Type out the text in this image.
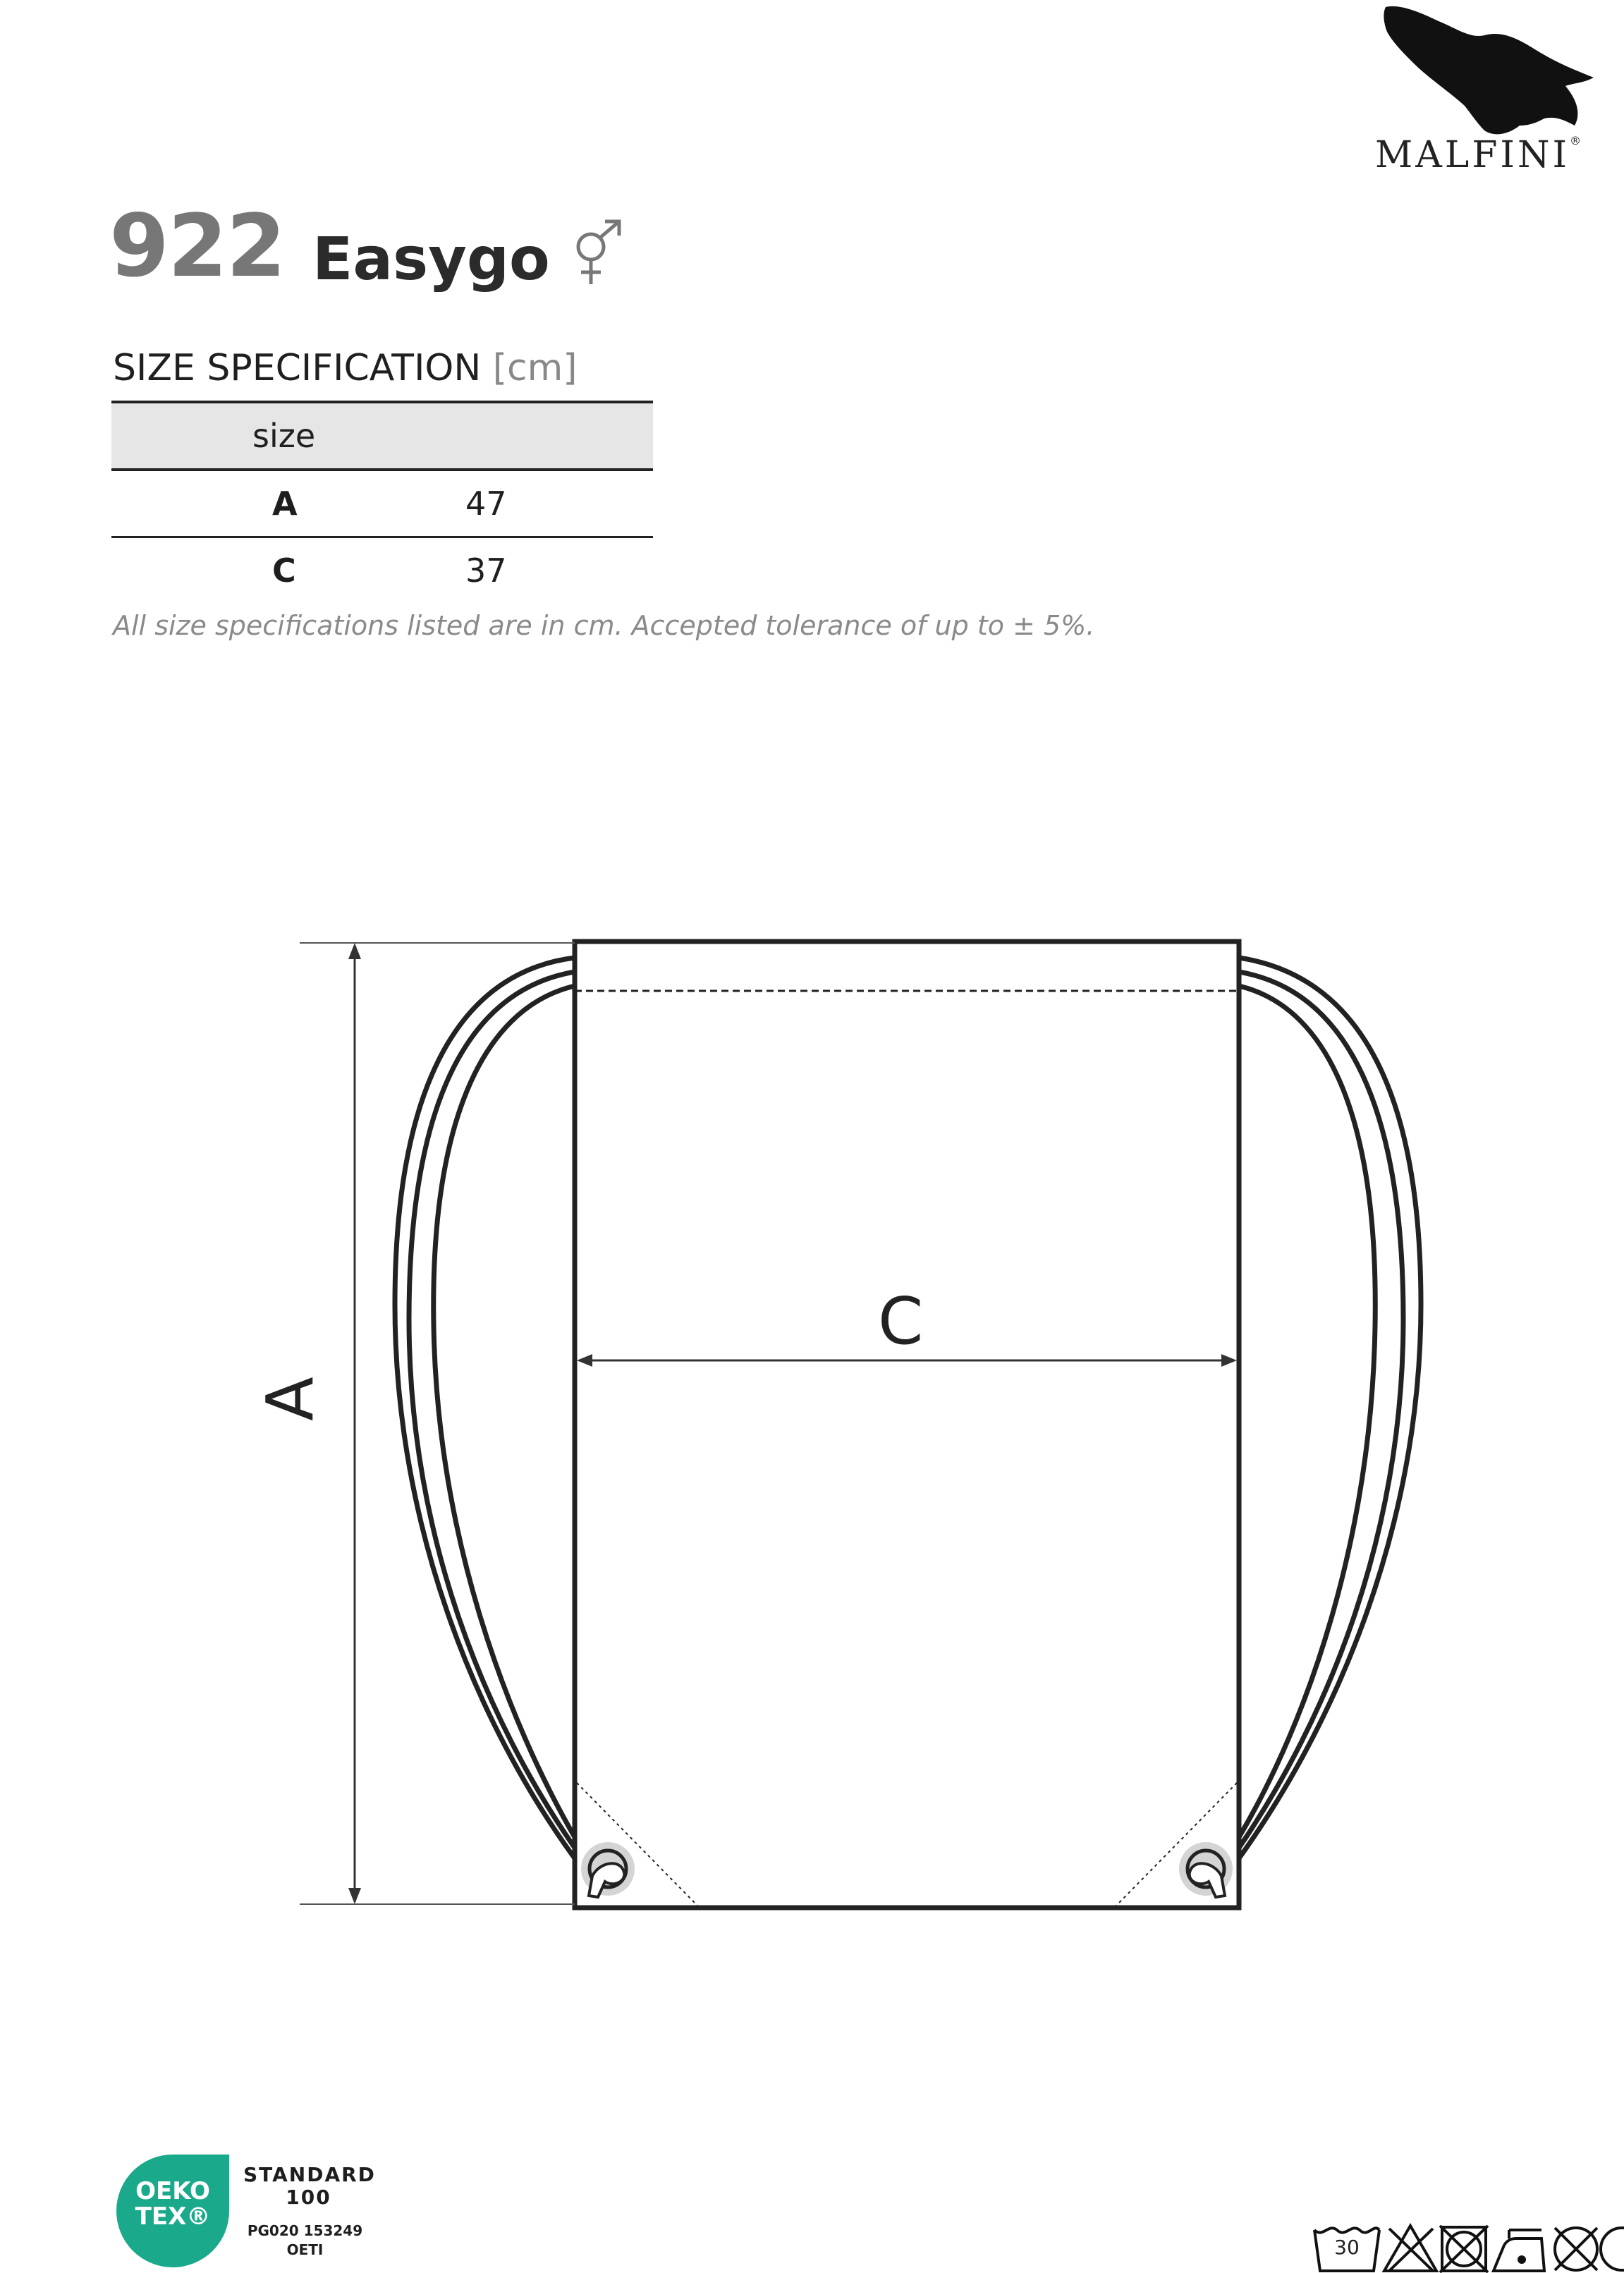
MALFINI®
922 Easygo
SIZE SPECIFICATION [cm]
size	
A	47
C	37
All size specifications listed are in cm. Accepted tolerance of up to ± 5%.
C
A
OEKO
TEX®
STANDARD
100
PG020 153249
OETI	30
